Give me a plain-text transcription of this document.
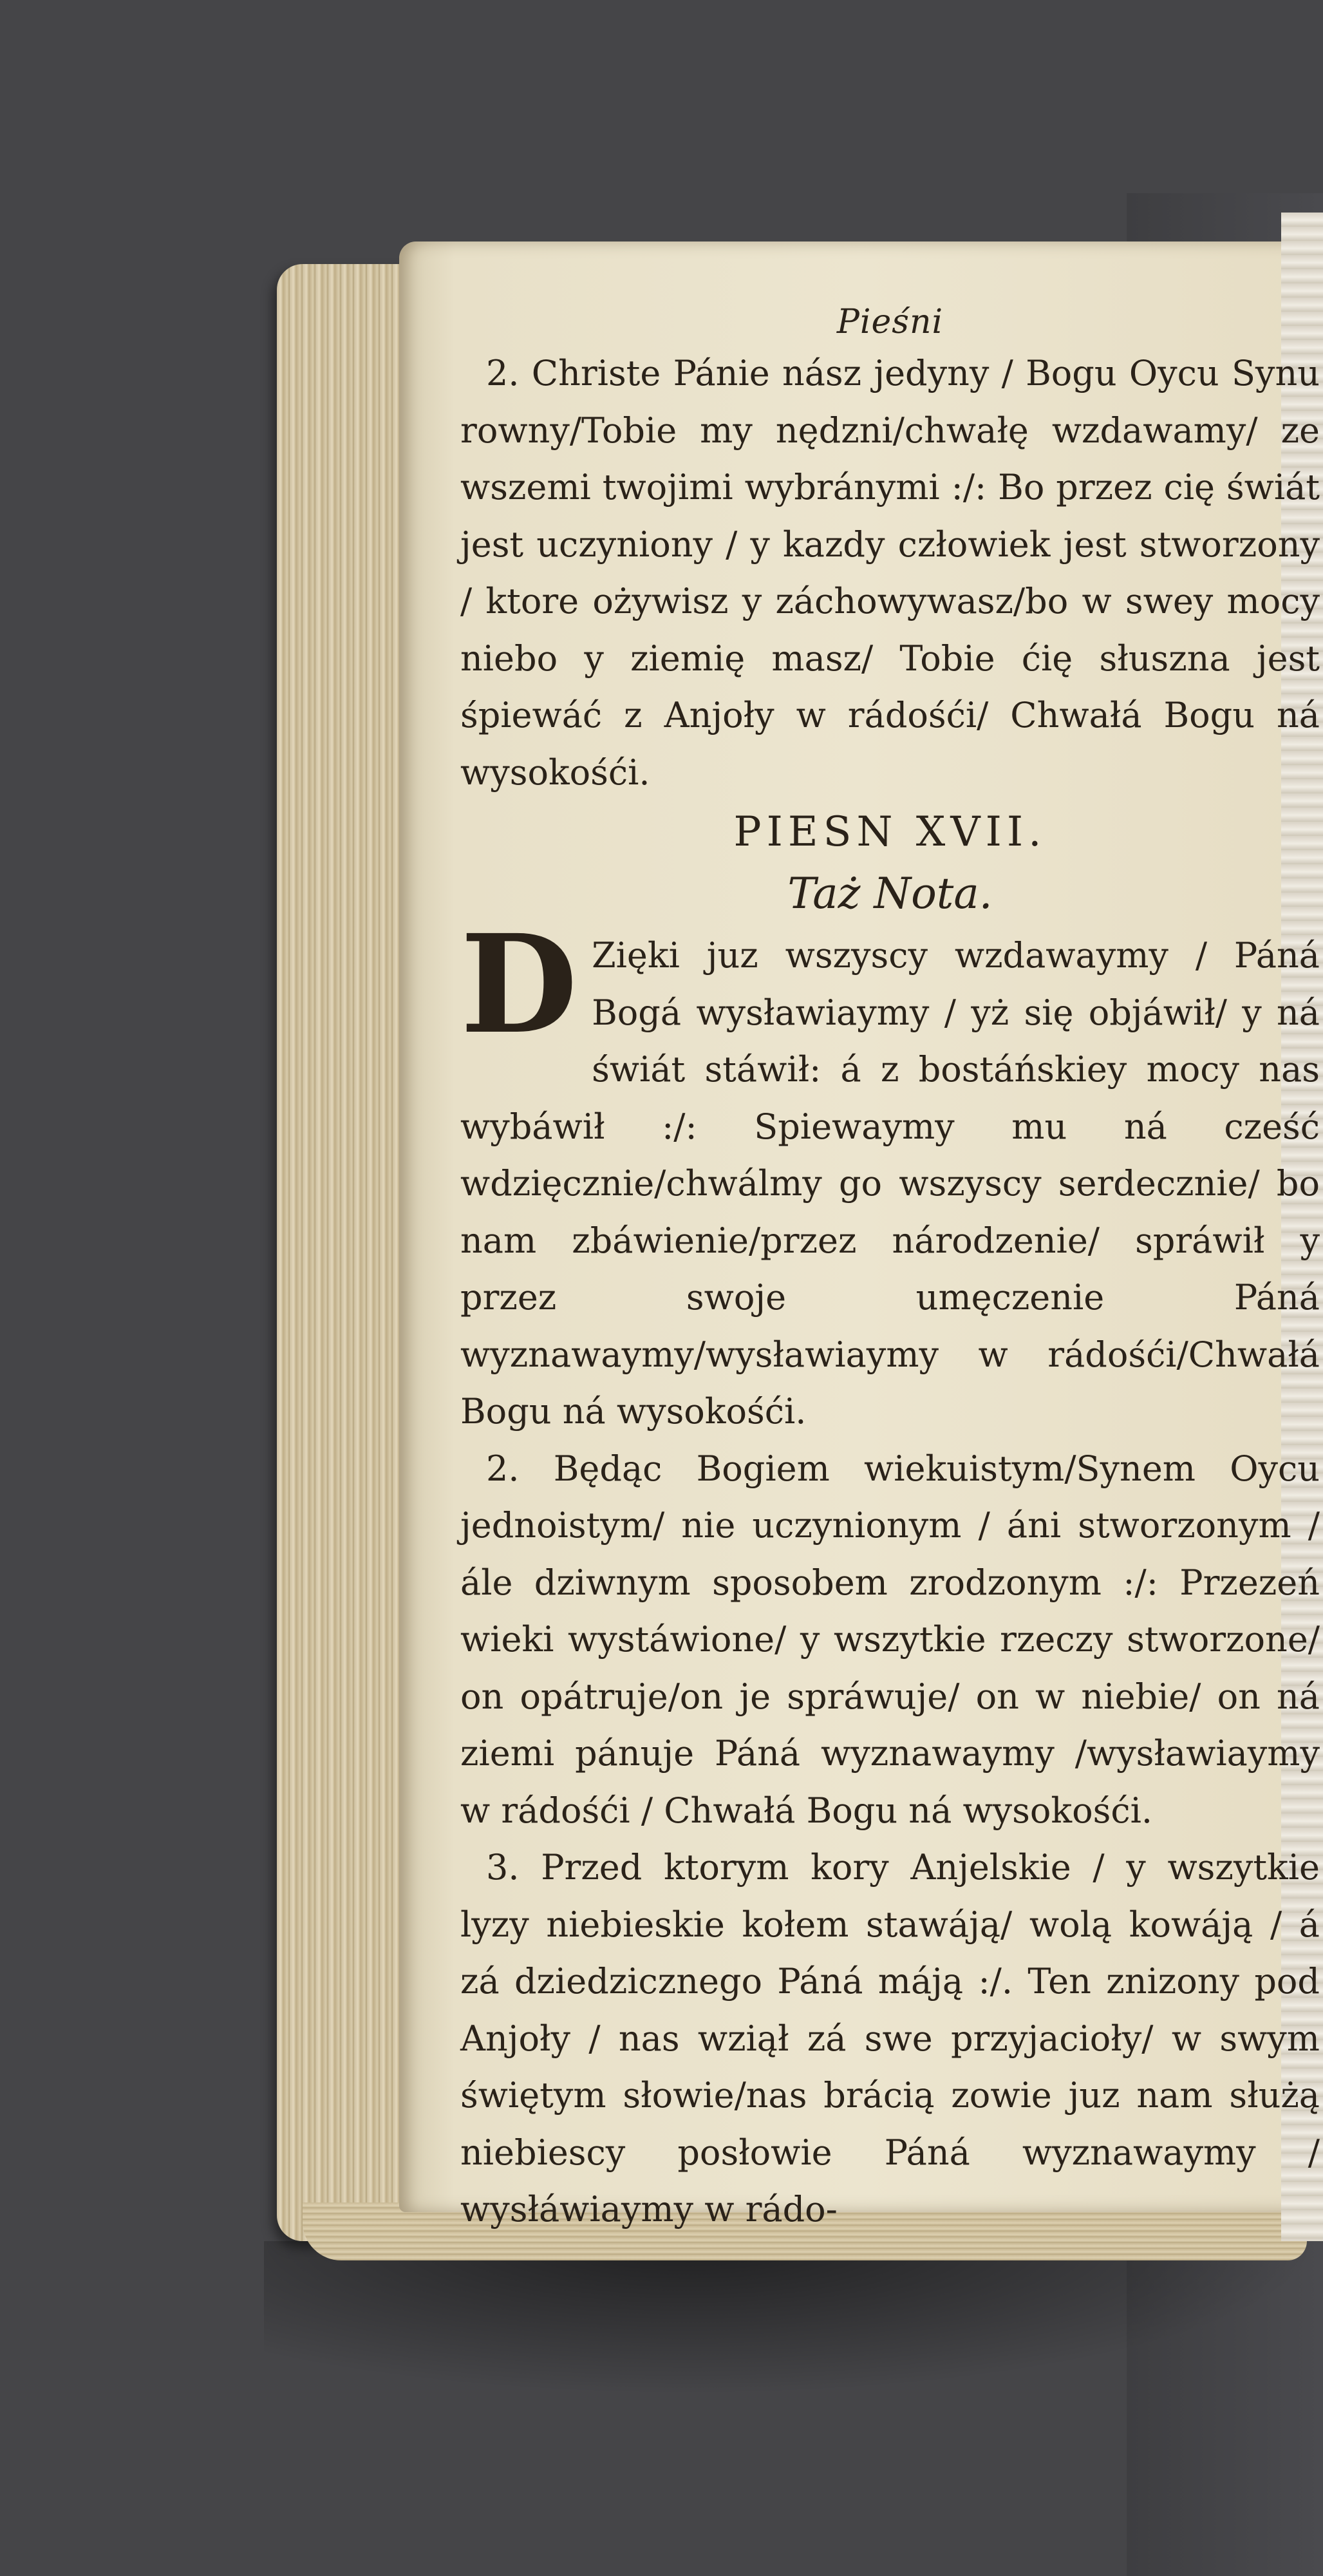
Pieśni

2. Christe Pánie nász jedyny / Bogu Oycu Synu rowny/Tobie my nędzni/chwałę wzdawamy/ ze wszemi twojimi wybránymi :/: Bo przez cię świát jest uczyniony / y kazdy człowiek jest stworzony / ktore ożywisz y záchowywasz/bo w swey mocy niebo y ziemię masz/ Tobie ćię słuszna jest śpiewáć z Anjoły w rádośći/ Chwałá Bogu ná wysokośći.

PIESN XVII.
Taż Nota.

D Zięki juz wszyscy wzdawaymy / Páná Bogá wysławiaymy / yż się objáwił/ y ná świát stáwił: á z bostáńskiey mocy nas wybáwił :/: Spiewaymy mu ná cześć wdzięcznie/chwálmy go wszyscy serdecznie/ bo nam zbáwienie/przez národzenie/ spráwił y przez swoje umęczenie Páná wyznawaymy/wysławiaymy w rádośći/Chwałá Bogu ná wysokośći.

2. Będąc Bogiem wiekuistym/Synem Oycu jednoistym/ nie uczynionym / áni stworzonym / ále dziwnym sposobem zrodzonym :/: Przezeń wieki wystáwione/ y wszytkie rzeczy stworzone/ on opátruje/on je spráwuje/ on w niebie/ on ná ziemi pánuje Páná wyznawaymy /wysławiaymy w rádośći / Chwałá Bogu ná wysokośći.

3. Przed ktorym kory Anjelskie / y wszytkie lyzy niebieskie kołem stawáją/ wolą kowáją / á zá dziedzicznego Páná máją :/. Ten znizony pod Anjoły / nas wziął zá swe przyjacioły/ w swym świętym słowie/nas brácią zowie juz nam służą niebiescy posłowie Páná wyznawaymy / wysłáwiaymy w rádo-
